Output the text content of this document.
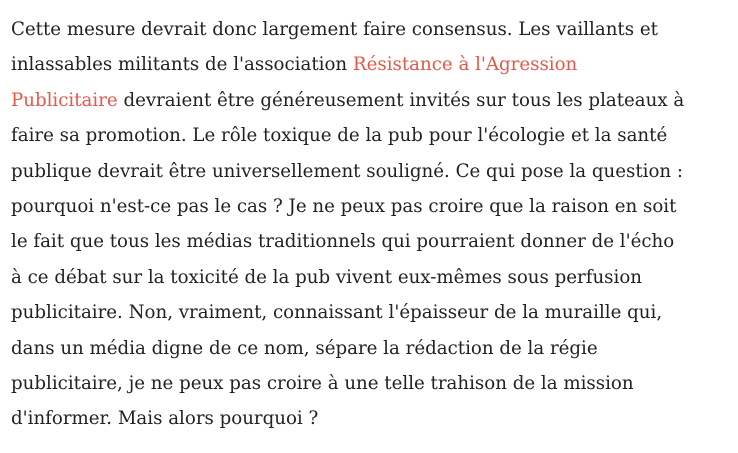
Cette mesure devrait donc largement faire consensus. Les vaillants et
inlassables militants de l'association Résistance à l'Agression
Publicitaire devraient être généreusement invités sur tous les plateaux à
faire sa promotion. Le rôle toxique de la pub pour l'écologie et la santé
publique devrait être universellement souligné. Ce qui pose la question :
pourquoi n'est-ce pas le cas ? Je ne peux pas croire que la raison en soit
le fait que tous les médias traditionnels qui pourraient donner de l'écho
à ce débat sur la toxicité de la pub vivent eux-mêmes sous perfusion
publicitaire. Non, vraiment, connaissant l'épaisseur de la muraille qui,
dans un média digne de ce nom, sépare la rédaction de la régie
publicitaire, je ne peux pas croire à une telle trahison de la mission
d'informer. Mais alors pourquoi ?
